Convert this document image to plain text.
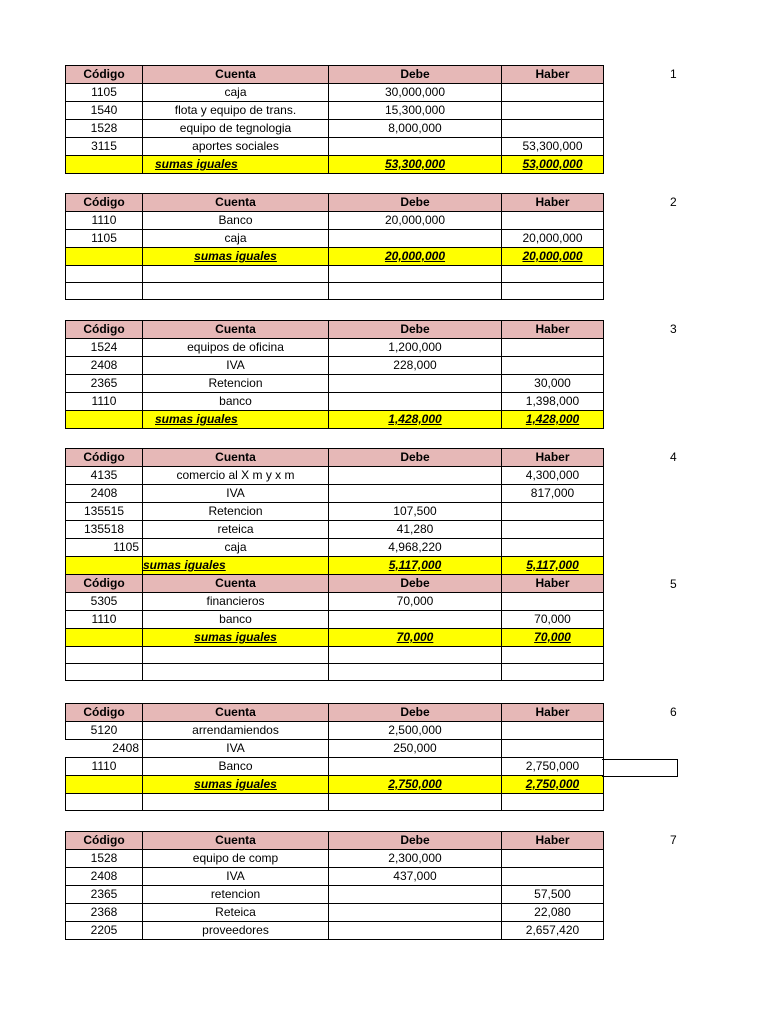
1
Código	Cuenta	Debe	Haber
1105	caja	30,000,000	
1540	flota y equipo de trans.	15,300,000	
1528	equipo de tegnologia	8,000,000	
3115	aportes sociales		53,300,000
	sumas iguales	53,300,000	53,000,000
2
Código	Cuenta	Debe	Haber
1110	Banco	20,000,000	
1105	caja		20,000,000
	sumas iguales	20,000,000	20,000,000

3
Código	Cuenta	Debe	Haber
1524	equipos de oficina	1,200,000	
2408	IVA	228,000	
2365	Retencion		30,000
1110	banco		1,398,000
	sumas iguales	1,428,000	1,428,000
4
5
Código	Cuenta	Debe	Haber
4135	comercio al X m y x m		4,300,000
2408	IVA		817,000
135515	Retencion	107,500	
135518	reteica	41,280	
1105	caja	4,968,220	
	sumas iguales	5,117,000	5,117,000
Código	Cuenta	Debe	Haber
5305	financieros	70,000	
1110	banco		70,000
	sumas iguales	70,000	70,000

6
Código	Cuenta	Debe	Haber
5120	arrendamiendos	2,500,000	
2408	IVA	250,000	
1110	Banco		2,750,000
	sumas iguales	2,750,000	2,750,000

7
Código	Cuenta	Debe	Haber
1528	equipo de comp	2,300,000	
2408	IVA	437,000	
2365	retencion		57,500
2368	Reteica		22,080
2205	proveedores		2,657,420
